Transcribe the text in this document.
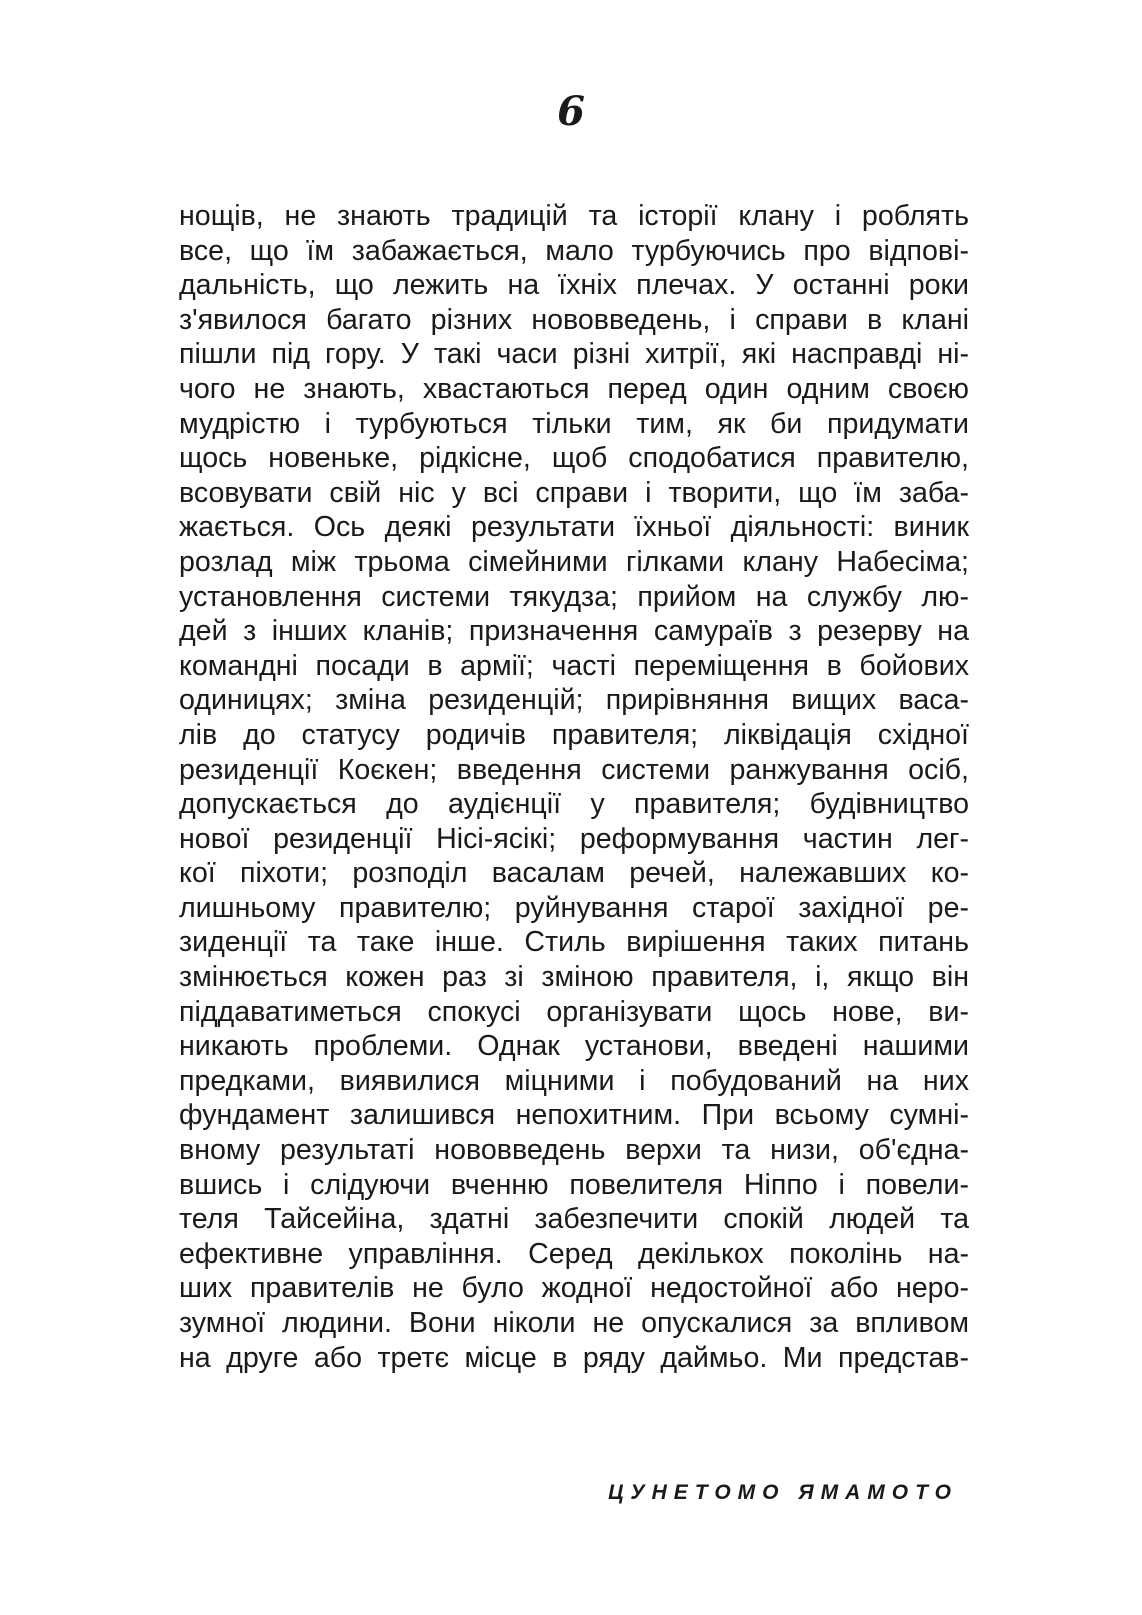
6
нощів, не знають традицій та історії клану і роблять
все, що їм забажається, мало турбуючись про відпові-
дальність, що лежить на їхніх плечах. У останні роки
з'явилося багато різних нововведень, і справи в клані
пішли під гору. У такі часи різні хитрії, які насправді ні-
чого не знають, хвастаються перед один одним своєю
мудрістю і турбуються тільки тим, як би придумати
щось новеньке, рідкісне, щоб сподобатися правителю,
всовувати свій ніс у всі справи і творити, що їм заба-
жається. Ось деякі результати їхньої діяльності: виник
розлад між трьома сімейними гілками клану Набесіма;
установлення системи тякудза; прийом на службу лю-
дей з інших кланів; призначення самураїв з резерву на
командні посади в армії; часті переміщення в бойових
одиницях; зміна резиденцій; прирівняння вищих васа-
лів до статусу родичів правителя; ліквідація східної
резиденції Коєкен; введення системи ранжування осіб,
допускається до аудієнції у правителя; будівництво
нової резиденції Нісі-ясікі; реформування частин лег-
кої піхоти; розподіл васалам речей, належавших ко-
лишньому правителю; руйнування старої західної ре-
зиденції та таке інше. Стиль вирішення таких питань
змінюється кожен раз зі зміною правителя, і, якщо він
піддаватиметься спокусі організувати щось нове, ви-
никають проблеми. Однак установи, введені нашими
предками, виявилися міцними і побудований на них
фундамент залишився непохитним. При всьому сумні-
вному результаті нововведень верхи та низи, об'єдна-
вшись і слідуючи вченню повелителя Ніппо і повели-
теля Тайсейіна, здатні забезпечити спокій людей та
ефективне управління. Серед декількох поколінь на-
ших правителів не було жодної недостойної або неро-
зумної людини. Вони ніколи не опускалися за впливом
на друге або третє місце в ряду даймьо. Ми представ-
ЦУНЕТОМО ЯМАМОТО
